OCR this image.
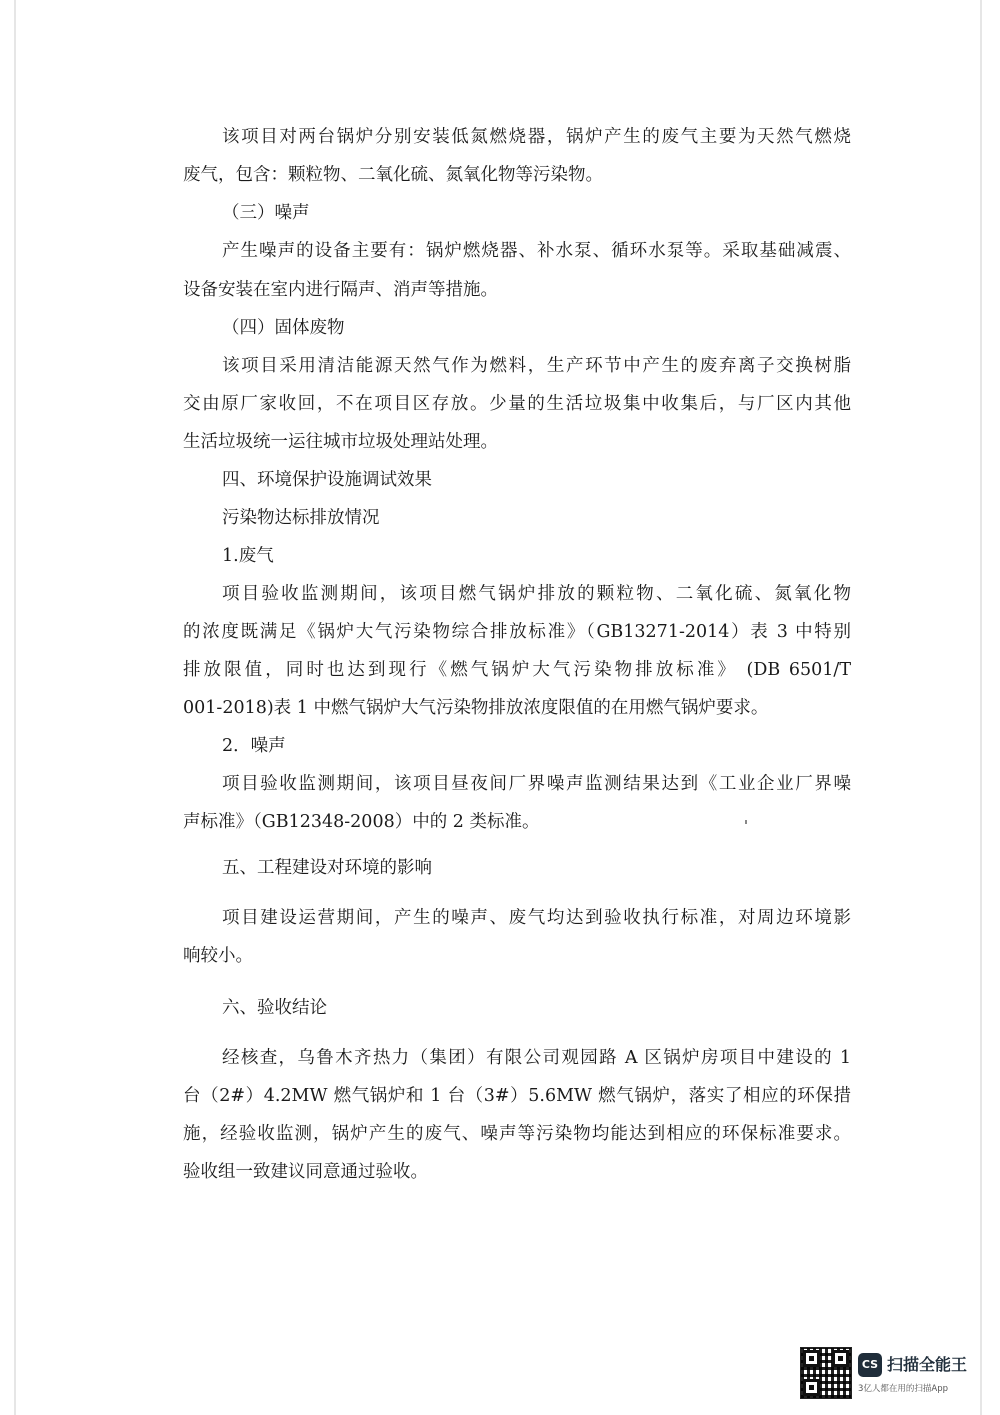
该项目对两台锅炉分别安装低氮燃烧器，锅炉产生的废气主要为天然气燃烧
废气，包含：颗粒物、二氧化硫、氮氧化物等污染物。
（三）噪声
产生噪声的设备主要有：锅炉燃烧器、补水泵、循环水泵等。采取基础减震、
设备安装在室内进行隔声、消声等措施。
（四）固体废物
该项目采用清洁能源天然气作为燃料，生产环节中产生的废弃离子交换树脂
交由原厂家收回，不在项目区存放。少量的生活垃圾集中收集后，与厂区内其他
生活垃圾统一运往城市垃圾处理站处理。
四、环境保护设施调试效果
污染物达标排放情况
1.废气
项目验收监测期间，该项目燃气锅炉排放的颗粒物、二氧化硫、氮氧化物
的浓度既满足《锅炉大气污染物综合排放标准》（GB13271-2014）表 3 中特别
排放限值，同时也达到现行《燃气锅炉大气污染物排放标准》 (DB 6501/T
001-2018)表 1 中燃气锅炉大气污染物排放浓度限值的在用燃气锅炉要求。
2．噪声
项目验收监测期间，该项目昼夜间厂界噪声监测结果达到《工业企业厂界噪
声标准》（GB12348-2008）中的 2 类标准。
五、工程建设对环境的影响
项目建设运营期间，产生的噪声、废气均达到验收执行标准，对周边环境影
响较小。
六、验收结论
经核查，乌鲁木齐热力（集团）有限公司观园路 A 区锅炉房项目中建设的 1
台（2#）4.2MW 燃气锅炉和 1 台（3#）5.6MW 燃气锅炉，落实了相应的环保措
施，经验收监测，锅炉产生的废气、噪声等污染物均能达到相应的环保标准要求。
验收组一致建议同意通过验收。
CS 扫描全能王
3亿人都在用的扫描App
